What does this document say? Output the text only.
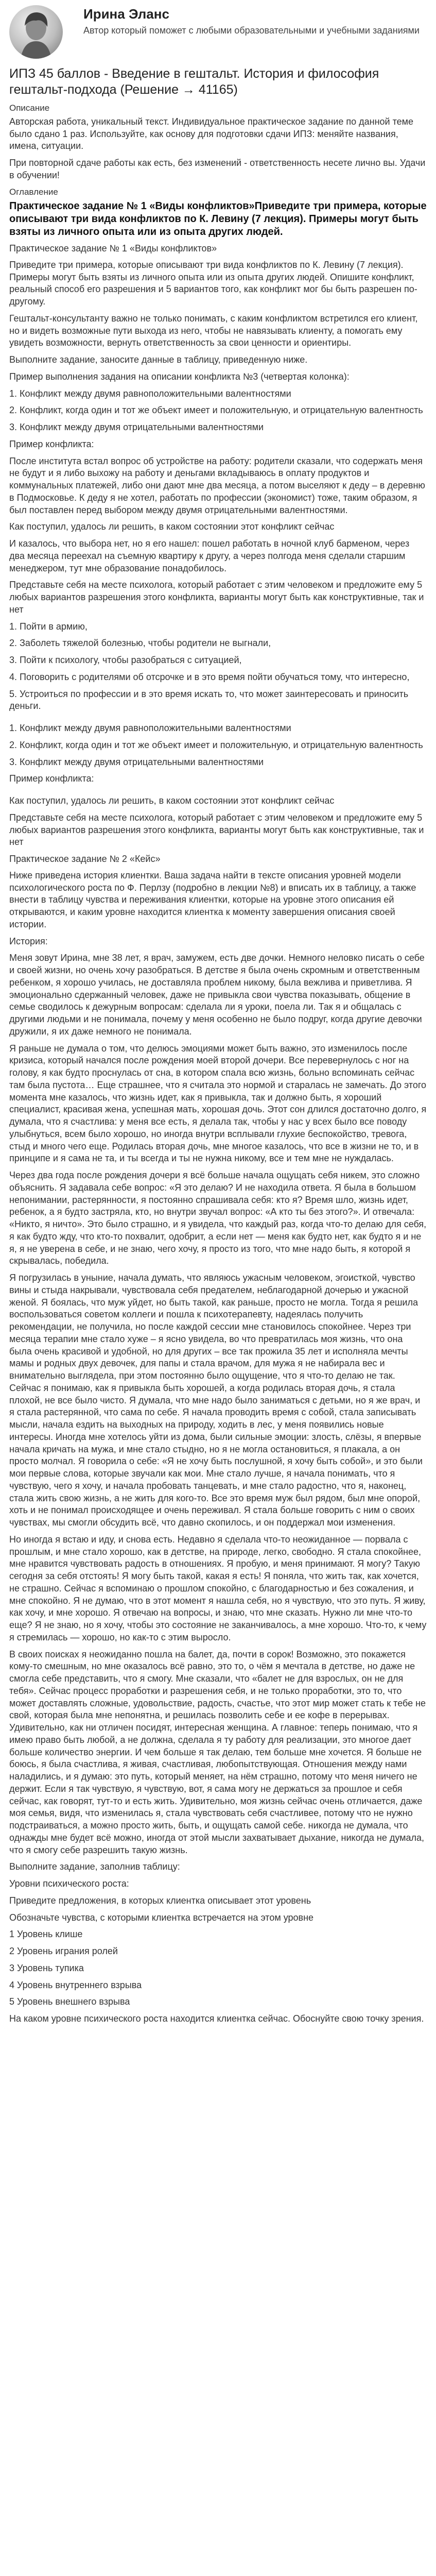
Ирина Эланс
Автор который поможет с любыми образовательными и учебными заданиями
ИПЗ 45 баллов - Введение в гештальт. История и философия гештальт-подхода (Решение → 41165)
Описание

Авторская работа, уникальный текст. Индивидуальное практическое задание по данной теме было сдано 1 раз. Используйте, как основу для подготовки сдачи ИПЗ: меняйте названия, имена, ситуации.

При повторной сдаче работы как есть, без изменений - ответственность несете лично вы. Удачи в обучении!

Оглавление
Практическое задание № 1 «Виды конфликтов»Приведите три примера, которые описывают три вида конфликтов по К. Левину (7 лекция). Примеры могут быть взяты из личного опыта или из опыта других людей.

Практическое задание № 1 «Виды конфликтов»

Приведите три примера, которые описывают три вида конфликтов по К. Левину (7 лекция). Примеры могут быть взяты из личного опыта или из опыта других людей. Опишите конфликт, реальный способ его разрешения и 5 вариантов того, как конфликт мог бы быть разрешен по-другому.

Гештальт-консультанту важно не только понимать, с каким конфликтом встретился его клиент, но и видеть возможные пути выхода из него, чтобы не навязывать клиенту, а помогать ему увидеть возможности, вернуть ответственность за свои ценности и ориентиры.

Выполните задание, заносите данные в таблицу, приведенную ниже.

Пример выполнения задания на описании конфликта №3 (четвертая колонка):

1. Конфликт между двумя равноположительными валентностями
2. Конфликт, когда один и тот же объект имеет и положительную, и отрицательную валентность
3. Конфликт между двумя отрицательными валентностями

Пример конфликта:

После института встал вопрос об устройстве на работу: родители сказали, что содержать меня не будут и я либо выхожу на работу и деньгами вкладываюсь в оплату продуктов и коммунальных платежей, либо они дают мне два месяца, а потом выселяют к деду – в деревню в Подмосковье. К деду я не хотел, работать по профессии (экономист) тоже, таким образом, я был поставлен перед выбором между двумя отрицательными валентностями.

Как поступил, удалось ли решить, в каком состоянии этот конфликт сейчас

И казалось, что выбора нет, но я его нашел: пошел работать в ночной клуб барменом, через два месяца переехал на съемную квартиру к другу, а через полгода меня сделали старшим менеджером, тут мне образование понадобилось.

Представьте себя на месте психолога, который работает с этим человеком и предложите ему 5 любых вариантов разрешения этого конфликта, варианты могут быть как конструктивные, так и нет

1. Пойти в армию,
2. Заболеть тяжелой болезнью, чтобы родители не выгнали,
3. Пойти к психологу, чтобы разобраться с ситуацией,
4. Поговорить с родителями об отсрочке и в это время пойти обучаться тому, что интересно,
5. Устроиться по профессии и в это время искать то, что может заинтересовать и приносить деньги.
1. Конфликт между двумя равноположительными валентностями
2. Конфликт, когда один и тот же объект имеет и положительную, и отрицательную валентность
3. Конфликт между двумя отрицательными валентностями

Пример конфликта:

Как поступил, удалось ли решить, в каком состоянии этот конфликт сейчас

Представьте себя на месте психолога, который работает с этим человеком и предложите ему 5 любых вариантов разрешения этого конфликта, варианты могут быть как конструктивные, так и нет

Практическое задание № 2 «Кейс»

Ниже приведена история клиентки. Ваша задача найти в тексте описания уровней модели психологического роста по Ф. Перлзу (подробно в лекции №8) и вписать их в таблицу, а также внести в таблицу чувства и переживания клиентки, которые на уровне этого описания ей открываются, и каким уровне находится клиентка к моменту завершения описания своей истории.

История:

Меня зовут Ирина, мне 38 лет, я врач, замужем, есть две дочки. Немного неловко писать о себе и своей жизни, но очень хочу разобраться. В детстве я была очень скромным и ответственным ребенком, я хорошо училась, не доставляла проблем никому, была вежлива и приветлива. Я эмоционально сдержанный человек, даже не привыкла свои чувства показывать, общение в семье сводилось к дежурным вопросам: сделала ли я уроки, поела ли. Так я и общалась с другими людьми и не понимала, почему у меня особенно не было подруг, когда другие девочки дружили, я их даже немного не понимала.

Я раньше не думала о том, что делюсь эмоциями может быть важно, это изменилось после кризиса, который начался после рождения моей второй дочери. Все перевернулось с ног на голову, я как будто проснулась от сна, в котором спала всю жизнь, больно вспоминать сейчас там была пустота… Еще страшнее, что я считала это нормой и старалась не замечать. До этого момента мне казалось, что жизнь идет, как я привыкла, так и должно быть, я хороший специалист, красивая жена, успешная мать, хорошая дочь. Этот сон длился достаточно долго, я думала, что я счастлива: у меня все есть, я делала так, чтобы у нас у всех было все поводу улыбнуться, всем было хорошо, но иногда внутри всплывали глухие беспокойство, тревога, стыд и много чего еще. Родилась вторая дочь, мне многое казалось, что все в жизни не то, и в принципе и я сама не та, и ты всегда и ты не нужна никому, все и тем мне не нуждалась.

Через два года после рождения дочери я всё больше начала ощущать себя никем, это сложно объяснить. Я задавала себе вопрос: «Я это делаю? И не находила ответа. Я была в большом непонимании, растерянности, я постоянно спрашивала себя: кто я? Время шло, жизнь идет, ребенок, а я будто застряла, кто, но внутри звучал вопрос: «А кто ты без этого?». И отвечала: «Никто, я ничто». Это было страшно, и я увидела, что каждый раз, когда что-то делаю для себя, я как будто жду, что кто-то похвалит, одобрит, а если нет — меня как будто нет, как будто я и не я, я не уверена в себе, и не знаю, чего хочу, я просто из того, что мне надо быть, я которой я скрывалась, победила.

Я погрузилась в уныние, начала думать, что являюсь ужасным человеком, эгоисткой, чувство вины и стыда накрывали, чувствовала себя предателем, неблагодарной дочерью и ужасной женой. Я боялась, что муж уйдет, но быть такой, как раньше, просто не могла. Тогда я решила воспользоваться советом коллеги и пошла к психотерапевту, надеялась получить рекомендации, не получила, но после каждой сессии мне становилось спокойнее. Через три месяца терапии мне стало хуже – я ясно увидела, во что превратилась моя жизнь, что она была очень красивой и удобной, но для других – все так прожила 35 лет и исполняла мечты мамы и родных двух девочек, для папы и стала врачом, для мужа я не набирала вес и внимательно выглядела, при этом постоянно было ощущение, что я что-то делаю не так. Сейчас я понимаю, как я привыкла быть хорошей, а когда родилась вторая дочь, я стала плохой, не все было чисто. Я думала, что мне надо было заниматься с детьми, но я же врач, и я стала растерянной, что сама по себе. Я начала проводить время с собой, стала записывать мысли, начала ездить на выходных на природу, ходить в лес, у меня появились новые интересы. Иногда мне хотелось уйти из дома, были сильные эмоции: злость, слёзы, я впервые начала кричать на мужа, и мне стало стыдно, но я не могла остановиться, я плакала, а он просто молчал. Я говорила о себе: «Я не хочу быть послушной, я хочу быть собой», и это были мои первые слова, которые звучали как мои. Мне стало лучше, я начала понимать, что я чувствую, чего я хочу, и начала пробовать танцевать, и мне стало радостно, что я, наконец, стала жить свою жизнь, а не жить для кого-то. Все это время муж был рядом, был мне опорой, хоть и не понимал происходящее и очень переживал. Я стала больше говорить с ним о своих чувствах, мы смогли обсудить всё, что давно скопилось, и он поддержал мои изменения.

Но иногда я встаю и иду, и снова есть. Недавно я сделала что-то неожиданное — порвала с прошлым, и мне стало хорошо, как в детстве, на природе, легко, свободно. Я стала спокойнее, мне нравится чувствовать радость в отношениях. Я пробую, и меня принимают. Я могу? Такую сегодня за себя отстоять! Я могу быть такой, какая я есть! Я поняла, что жить так, как хочется, не страшно. Сейчас я вспоминаю о прошлом спокойно, с благодарностью и без сожаления, и мне спокойно. Я не думаю, что в этот момент я нашла себя, но я чувствую, что это путь. Я живу, как хочу, и мне хорошо. Я отвечаю на вопросы, и знаю, что мне сказать. Нужно ли мне что-то еще? Я не знаю, но я хочу, чтобы это состояние не заканчивалось, а мне хорошо. Что-то, к чему я стремилась — хорошо, но как-то с этим выросло.

В своих поисках я неожиданно пошла на балет, да, почти в сорок! Возможно, это покажется кому-то смешным, но мне оказалось всё равно, это то, о чём я мечтала в детстве, но даже не смогла себе представить, что я смогу. Мне сказали, что «балет не для взрослых, он не для тебя». Сейчас процесс проработки и разрешения себя, и не только проработки, это то, что может доставлять сложные, удовольствие, радость, счастье, что этот мир может стать к тебе не свой, которая была мне непонятна, и решилась позволить себе и ее кофе в перерывах. Удивительно, как ни отличен посидят, интересная женщина. А главное: теперь понимаю, что я имею право быть любой, а не должна, сделала я ту работу для реализации, это многое дает больше количество энергии. И чем больше я так делаю, тем больше мне хочется. Я больше не боюсь, я была счастлива, я живая, счастливая, любопытствующая. Отношения между нами наладились, и я думаю: это путь, который меняет, на нём страшно, потому что меня ничего не держит. Если я так чувствую, я чувствую, вот, я сама могу не держаться за прошлое и себя сейчас, как говорят, тут-то и есть жить. Удивительно, моя жизнь сейчас очень отличается, даже моя семья, видя, что изменилась я, стала чувствовать себя счастливее, потому что не нужно подстраиваться, а можно просто жить, быть, и ощущать самой себе. никогда не думала, что однажды мне будет всё можно, иногда от этой мысли захватывает дыхание, никогда не думала, что я смогу себе разрешить такую жизнь.

Выполните задание, заполнив таблицу:

Уровни психического роста:

Приведите предложения, в которых клиентка описывает этот уровень

Обозначьте чувства, с которыми клиентка встречается на этом уровне

1 Уровень клише
2 Уровень игрaния ролей
3 Уровень тупика
4 Уровень внутреннего взрыва
5 Уровень внешнего взрыва

На каком уровне психического роста находится клиентка сейчас. Обоснуйте свою точку зрения.
